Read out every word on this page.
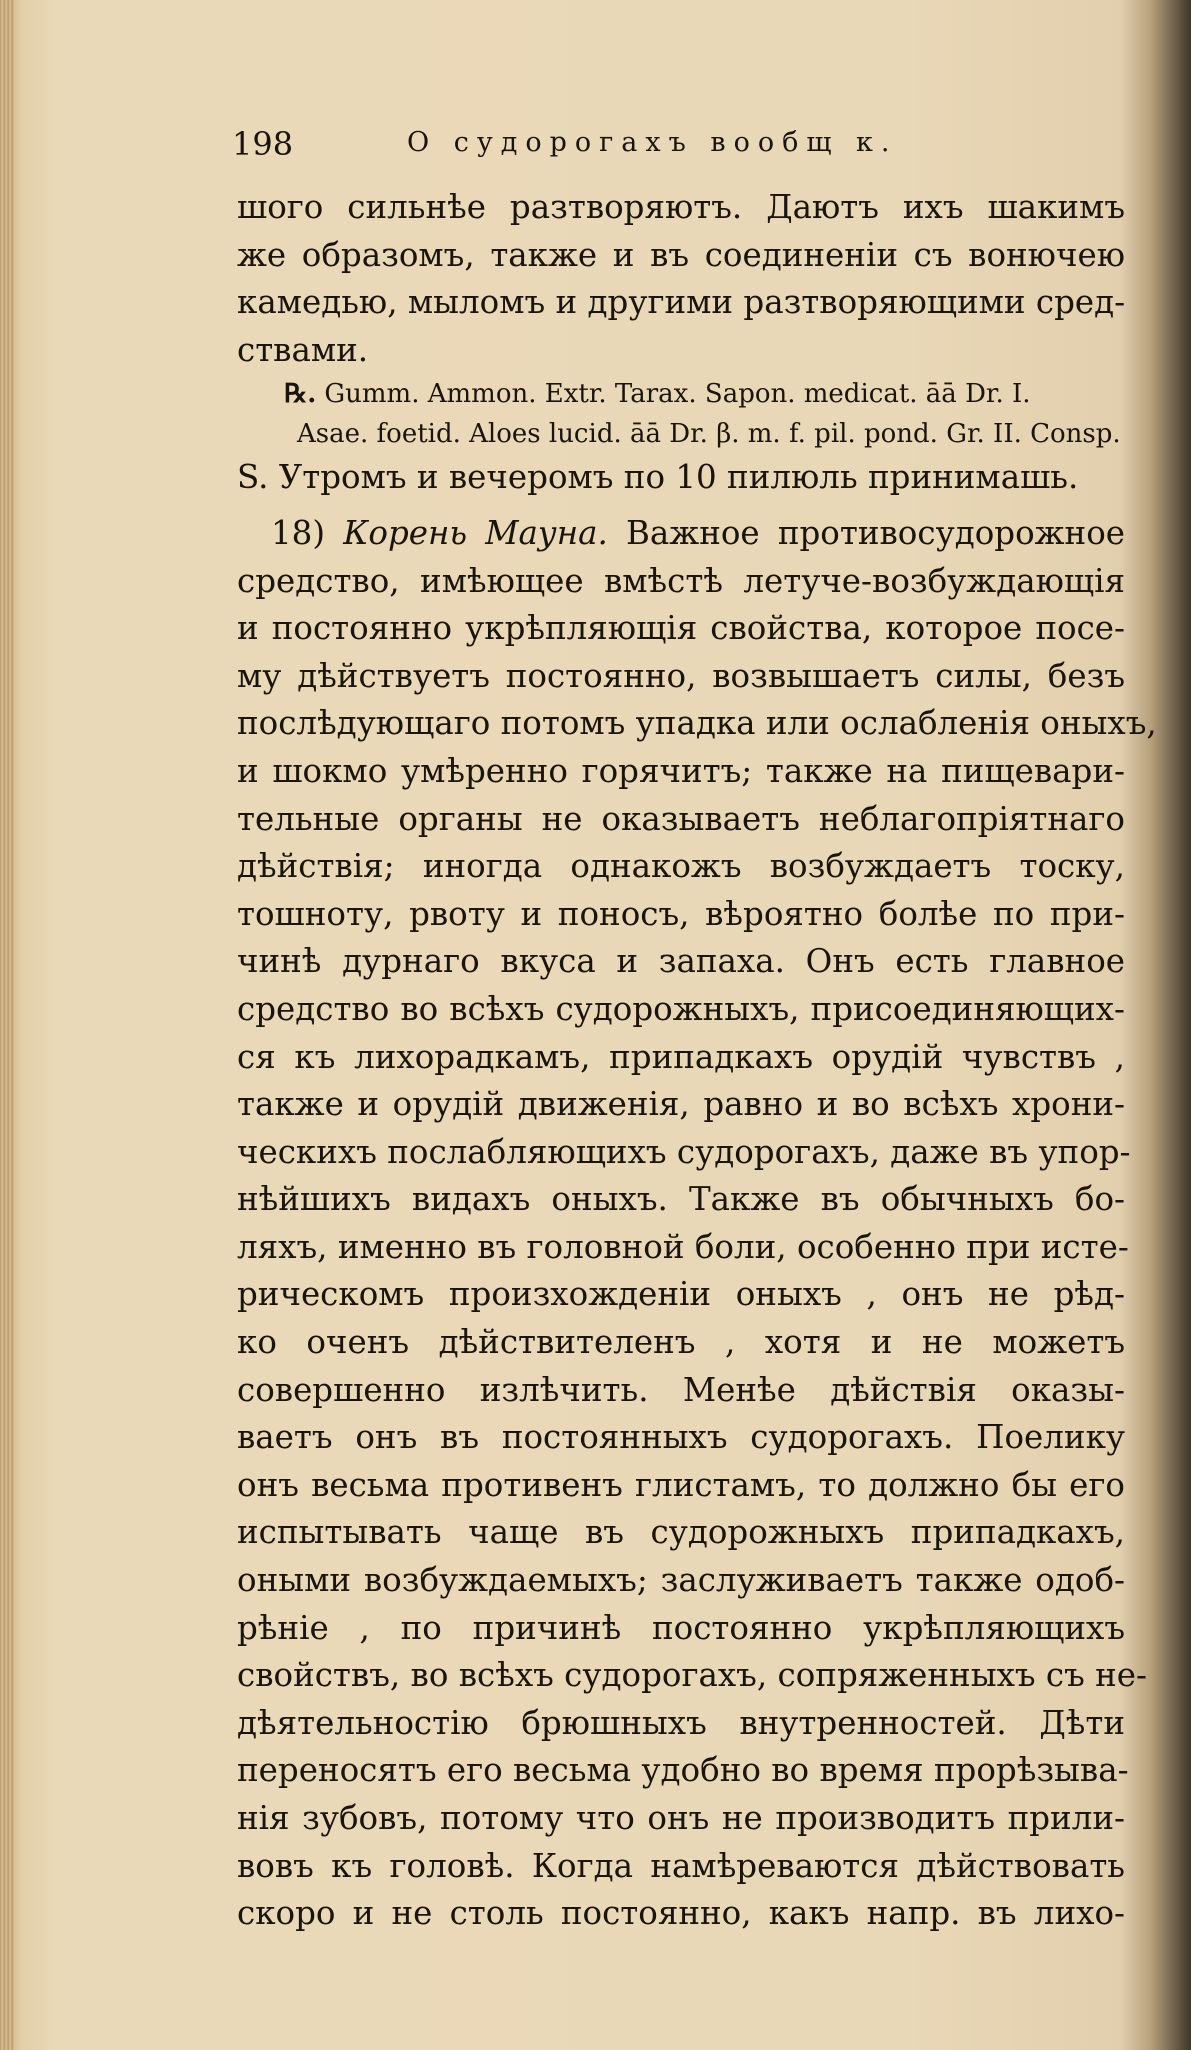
198	О судорогахъ вообщ к.
шого сильнѣе разтворяютъ. Даютъ ихъ шакимъ
же образомъ, также и въ соединенiи съ вонючею
камедью, мыломъ и другими разтворяющими сред-
ствами.
℞. Gumm. Ammon. Extr. Tarax. Sapon. medicat. āā Dr. I.
Asae. foetid. Aloes lucid. āā Dr. β. m. f. pil. pond. Gr. II. Consp.
S. Утромъ и вечеромъ по 10 пилюль принимашь.
18) Корень Мауна. Важное противосудорожное
средство, имѣющее вмѣстѣ летуче-возбуждающiя
и постоянно укрѣпляющiя свойства, которое посе-
му дѣйствуетъ постоянно, возвышаетъ силы, безъ
послѣдующаго потомъ упадка или ослабленiя оныхъ,
и шокмо умѣренно горячитъ; также на пищевари-
тельные органы не оказываетъ неблагопрiятнаго
дѣйствiя; иногда однакожъ возбуждаетъ тоску,
тошноту, рвоту и поносъ, вѣроятно болѣе по при-
чинѣ дурнаго вкуса и запаха. Онъ есть главное
средство во всѣхъ судорожныхъ, присоединяющих-
ся къ лихорадкамъ, припадкахъ орудiй чувствъ ,
также и орудiй движенiя, равно и во всѣхъ хрони-
ческихъ послабляющихъ судорогахъ, даже въ упор-
нѣйшихъ видахъ оныхъ. Также въ обычныхъ бо-
ляхъ, именно въ головной боли, особенно при исте-
рическомъ произхожденiи оныхъ , онъ не рѣд-
ко оченъ дѣйствителенъ , хотя и не можетъ
совершенно излѣчить. Менѣе дѣйствiя оказы-
ваетъ онъ въ постоянныхъ судорогахъ. Поелику
онъ весьма противенъ глистамъ, то должно бы его
испытывать чаще въ судорожныхъ припадкахъ,
оными возбуждаемыхъ; заслуживаетъ также одоб-
рѣнiе , по причинѣ постоянно укрѣпляющихъ
свойствъ, во всѣхъ судорогахъ, сопряженныхъ съ не-
дѣятельностiю брюшныхъ внутренностей. Дѣти
переносятъ его весьма удобно во время прорѣзыва-
нiя зубовъ, потому что онъ не производитъ прили-
вовъ къ головѣ. Когда намѣреваются дѣйствовать
скоро и не столь постоянно, какъ напр. въ лихо-
